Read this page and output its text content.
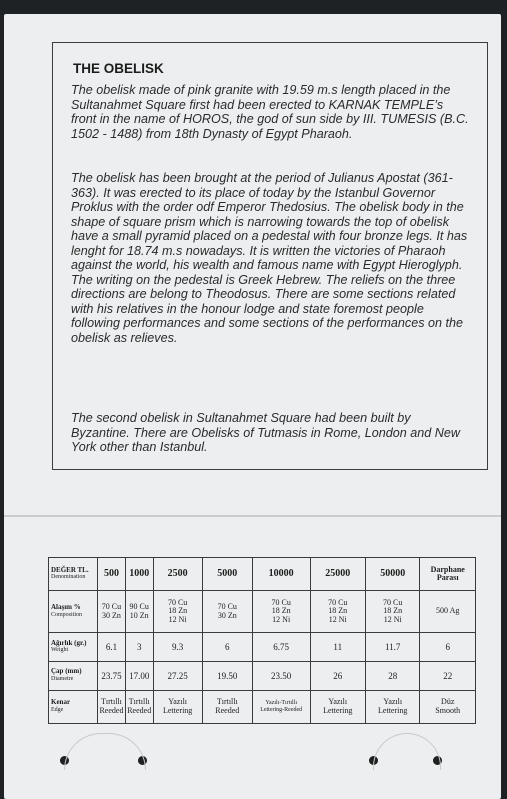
THE OBELISK

The obelisk made of pink granite with 19.59 m.s length placed in the Sultanahmet Square first had been erected to KARNAK TEMPLE’s front in the name of HOROS, the god of sun side by III. TUMESIS (B.C. 1502 - 1488) from 18th Dynasty of Egypt Pharaoh.

The obelisk has been brought at the period of Julianus Apostat (361-363). It was erected to its place of today by the Istanbul Governor Proklus with the order odf Emperor Thedosius. The obelisk body in the shape of square prism which is narrowing towards the top of obelisk have a small pyramid placed on a pedestal with four bronze legs. It has lenght for 18.74 m.s nowadays. It is written the victories of Pharaoh against the world, his wealth and famous name with Egypt Hieroglyph. The writing on the pedestal is Greek Hebrew. The reliefs on the three directions are belong to Theodosus. There are some sections related with his relatives in the honour lodge and state foremost people following performances and some sections of the performances on the obelisk as relieves.

The second obelisk in Sultanahmet Square had been built by Byzantine. There are Obelisks of Tutmasis in Rome, London and New York other than Istanbul.

DEĞER TL.
Denomination	500	1000	2500	5000	10000	25000	50000	Darphane Parası

Alaşım %
Composition	70 Cu
30 Zn	90 Cu
10 Zn	70 Cu
18 Zn
12 Ni	70 Cu
30 Zn	70 Cu
18 Zn
12 Ni	70 Cu
18 Zn
12 Ni	70 Cu
18 Zn
12 Ni	500 Ag

Ağırlık (gr.)
Weight	6.1	3	9.3	6	6.75	11	11.7	6

Çap (mm)
Diametre	23.75	17.00	27.25	19.50	23.50	26	28	22

Kenar
Edge	Tırtıllı
Reeded	Tırtıllı
Reeded	Yazılı
Lettering	Tırtıllı
Reeded	Yazılı-Tırtıllı
Lettering-Reeded	Yazılı
Lettering	Yazılı
Lettering	Düz
Smooth
